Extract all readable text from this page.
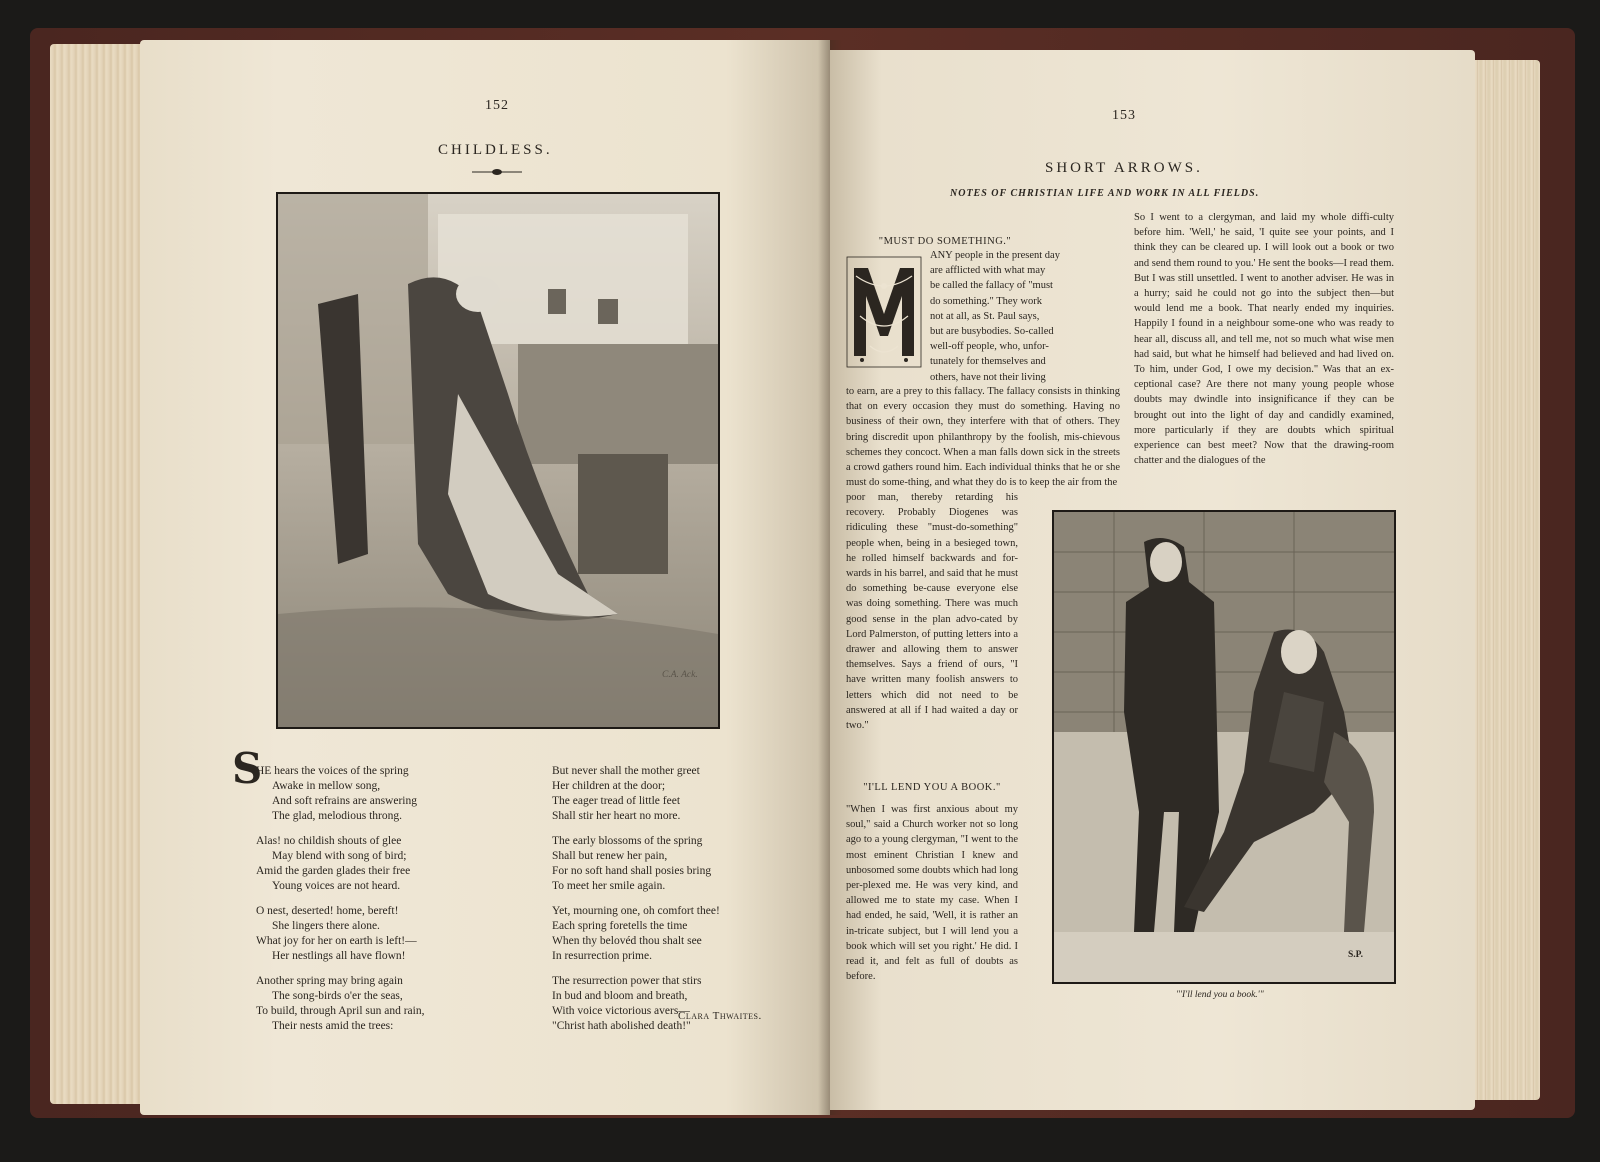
152
CHILDLESS.
C.A. Ack.
S
HE hears the voices of the spring
Awake in mellow song,
And soft refrains are answering
The glad, melodious throng.
Alas! no childish shouts of glee
May blend with song of bird;
Amid the garden glades their free
Young voices are not heard.
O nest, deserted! home, bereft!
She lingers there alone.
What joy for her on earth is left!—
Her nestlings all have flown!
Another spring may bring again
The song-birds o'er the seas,
To build, through April sun and rain,
Their nests amid the trees:
But never shall the mother greet
Her children at the door;
The eager tread of little feet
Shall stir her heart no more.
The early blossoms of the spring
Shall but renew her pain,
For no soft hand shall posies bring
To meet her smile again.
Yet, mourning one, oh comfort thee!
Each spring foretells the time
When thy belovéd thou shalt see
In resurrection prime.
The resurrection power that stirs
In bud and bloom and breath,
With voice victorious avers—
"Christ hath abolished death!"
Clara Thwaites.
153
SHORT ARROWS.
NOTES OF CHRISTIAN LIFE AND WORK IN ALL FIELDS.
"MUST DO SOMETHING."
ANY people in the present day
are afflicted with what may
be called the fallacy of "must
do something." They work
not at all, as St. Paul says,
but are busybodies. So-called
well-off people, who, unfor-
tunately for themselves and
others, have not their living

to earn, are a prey to this fallacy. The fallacy consists in thinking that on every occasion they must do something. Having no business of their own, they interfere with that of others. They bring discredit upon philanthropy by the foolish, mis-chievous schemes they concoct. When a man falls down sick in the streets a crowd gathers round him. Each individual thinks that he or she must do some-thing, and what they do is to keep the air from the

poor man, thereby retarding his recovery. Probably Diogenes was ridiculing these "must-do-something" people when, being in a besieged town, he rolled himself backwards and for-wards in his barrel, and said that he must do something be-cause everyone else was doing something. There was much good sense in the plan advo-cated by Lord Palmerston, of putting letters into a drawer and allowing them to answer themselves. Says a friend of ours, "I have written many foolish answers to letters which did not need to be answered at all if I had waited a day or two."

"I'LL LEND YOU A BOOK."

"When I was first anxious about my soul," said a Church worker not so long ago to a young clergyman, "I went to the most eminent Christian I knew and unbosomed some doubts which had long per-plexed me. He was very kind, and allowed me to state my case. When I had ended, he said, 'Well, it is rather an in-tricate subject, but I will lend you a book which will set you right.' He did. I read it, and felt as full of doubts as before.

So I went to a clergyman, and laid my whole diffi-culty before him. 'Well,' he said, 'I quite see your points, and I think they can be cleared up. I will look out a book or two and send them round to you.' He sent the books—I read them. But I was still unsettled. I went to another adviser. He was in a hurry; said he could not go into the subject then—but would lend me a book. That nearly ended my inquiries. Happily I found in a neighbour some-one who was ready to hear all, discuss all, and tell me, not so much what wise men had said, but what he himself had believed and had lived on. To him, under God, I owe my decision." Was that an ex-ceptional case? Are there not many young people whose doubts may dwindle into insignificance if they can be brought out into the light of day and candidly examined, more particularly if they are doubts which spiritual experience can best meet? Now that the drawing-room chatter and the dialogues of the

S.P.
"'I'll lend you a book.'"
